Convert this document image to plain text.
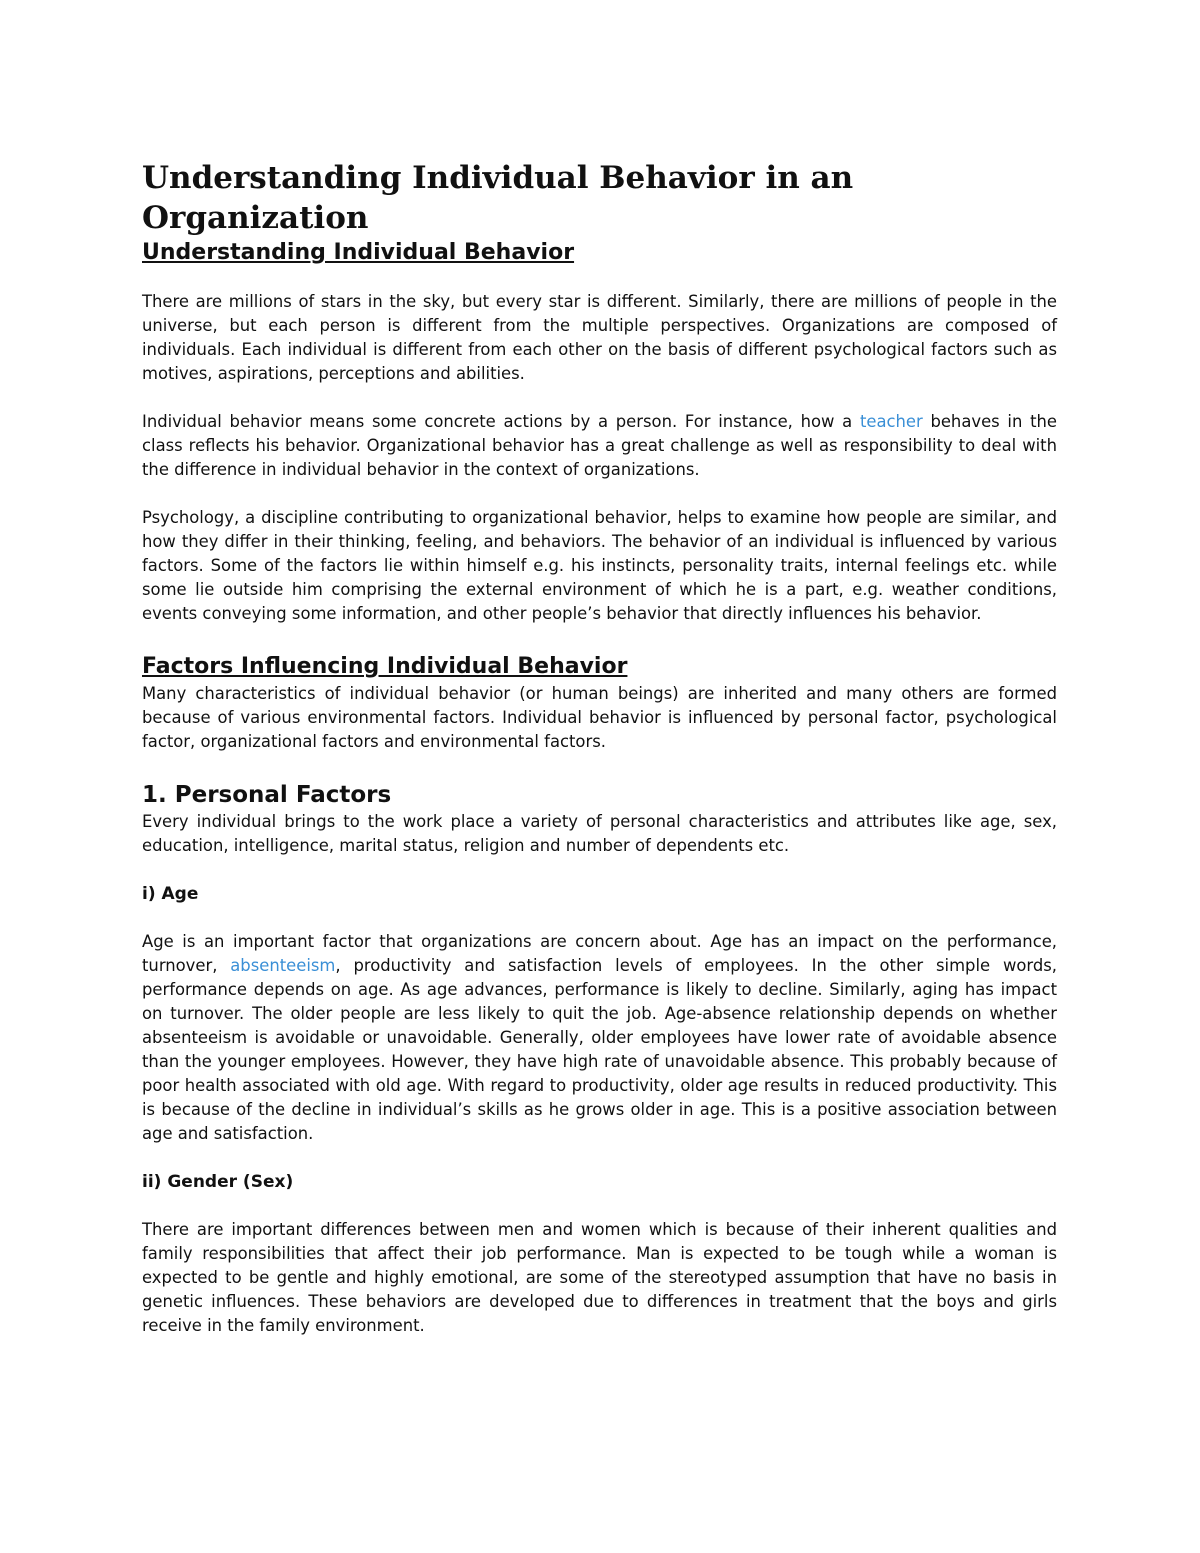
Understanding Individual Behavior in an Organization
Understanding Individual Behavior

There are millions of stars in the sky, but every star is different. Similarly, there are millions of people in the universe, but each person is different from the multiple perspectives. Organizations are composed of individuals. Each individual is different from each other on the basis of different psychological factors such as motives, aspirations, perceptions and abilities.

Individual behavior means some concrete actions by a person. For instance, how a teacher behaves in the class reflects his behavior. Organizational behavior has a great challenge as well as responsibility to deal with the difference in individual behavior in the context of organizations.

Psychology, a discipline contributing to organizational behavior, helps to examine how people are similar, and how they differ in their thinking, feeling, and behaviors. The behavior of an individual is influenced by various factors. Some of the factors lie within himself e.g. his instincts, personality traits, internal feelings etc. while some lie outside him comprising the external environment of which he is a part, e.g. weather conditions, events conveying some information, and other people’s behavior that directly influences his behavior.

Factors Influencing Individual Behavior

Many characteristics of individual behavior (or human beings) are inherited and many others are formed because of various environmental factors. Individual behavior is influenced by personal factor, psychological factor, organizational factors and environmental factors.

1. Personal Factors

Every individual brings to the work place a variety of personal characteristics and attributes like age, sex, education, intelligence, marital status, religion and number of dependents etc.

i) Age

Age is an important factor that organizations are concern about. Age has an impact on the performance, turnover, absenteeism, productivity and satisfaction levels of employees. In the other simple words, performance depends on age. As age advances, performance is likely to decline. Similarly, aging has impact on turnover. The older people are less likely to quit the job. Age-absence relationship depends on whether absenteeism is avoidable or unavoidable. Generally, older employees have lower rate of avoidable absence than the younger employees. However, they have high rate of unavoidable absence. This probably because of poor health associated with old age. With regard to productivity, older age results in reduced productivity. This is because of the decline in individual’s skills as he grows older in age. This is a positive association between age and satisfaction.

ii) Gender (Sex)

There are important differences between men and women which is because of their inherent qualities and family responsibilities that affect their job performance. Man is expected to be tough while a woman is expected to be gentle and highly emotional, are some of the stereotyped assumption that have no basis in genetic influences. These behaviors are developed due to differences in treatment that the boys and girls receive in the family environment.
